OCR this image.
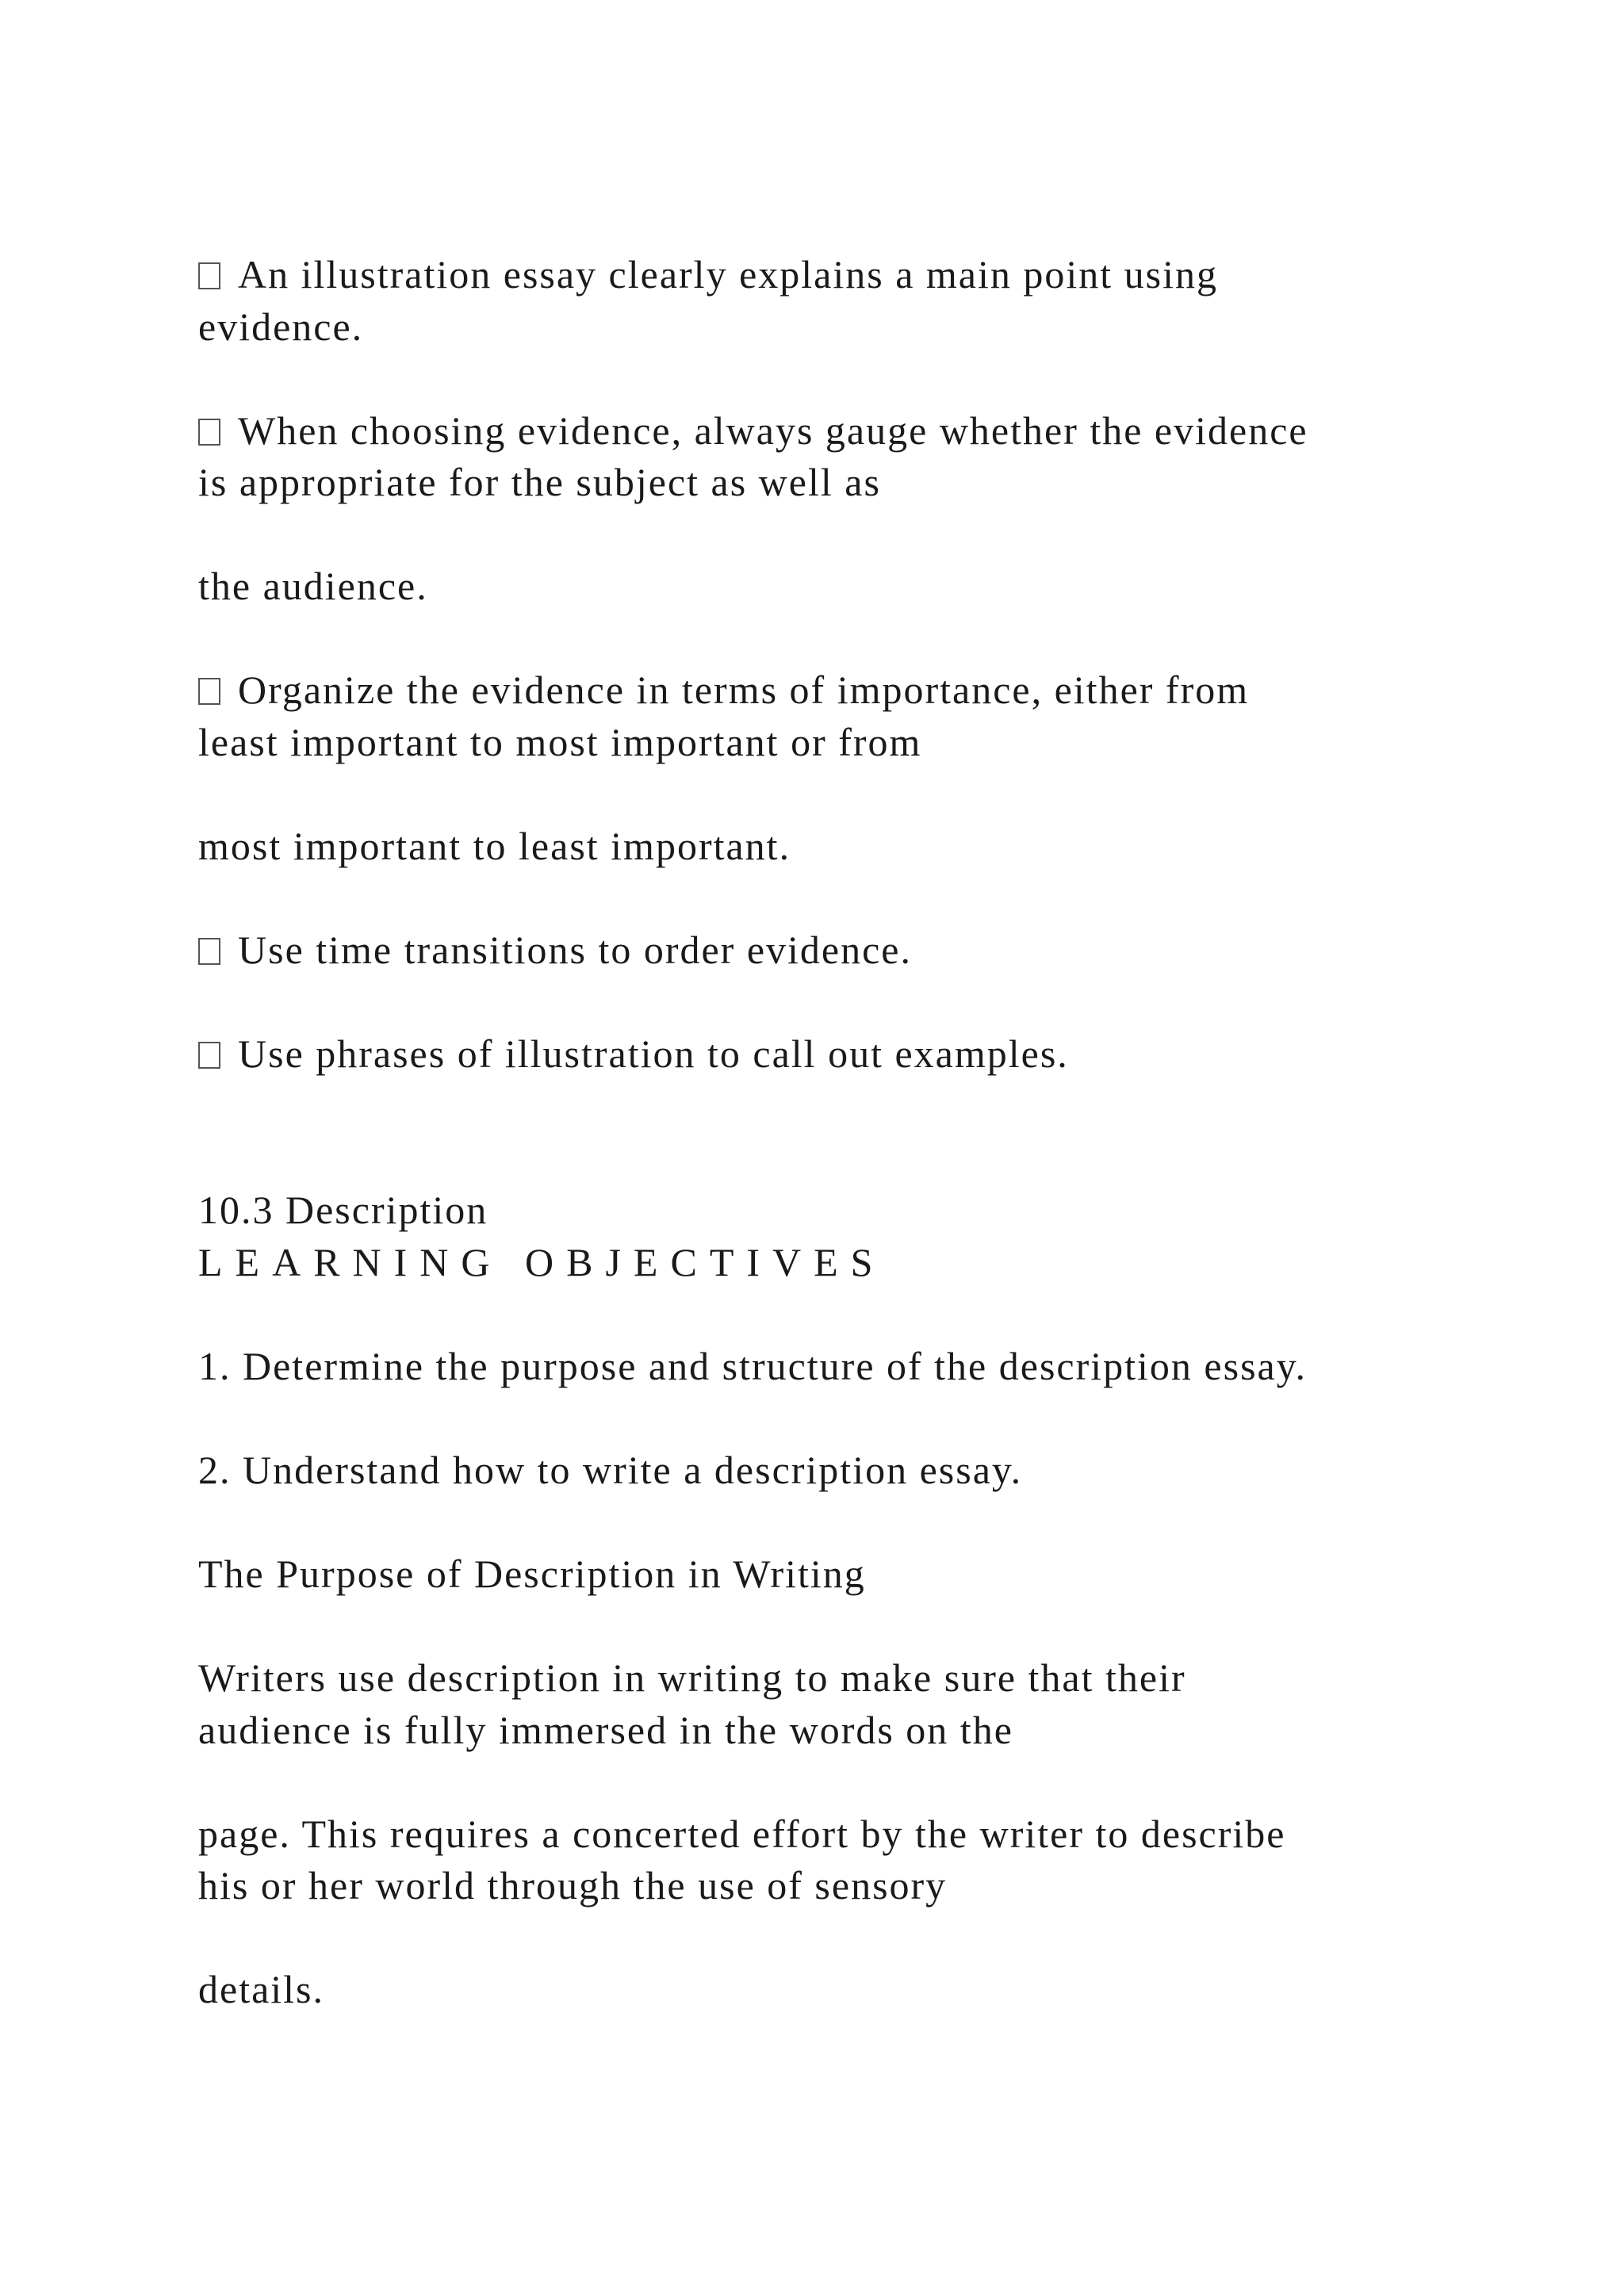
An illustration essay clearly explains a main point using
evidence.
When choosing evidence, always gauge whether the evidence
is appropriate for the subject as well as
the audience.
Organize the evidence in terms of importance, either from
least important to most important or from
most important to least important.
Use time transitions to order evidence.
Use phrases of illustration to call out examples.
10.3 Description
LEARNING OBJECTIVES
1. Determine the purpose and structure of the description essay.
2. Understand how to write a description essay.
The Purpose of Description in Writing
Writers use description in writing to make sure that their
audience is fully immersed in the words on the
page. This requires a concerted effort by the writer to describe
his or her world through the use of sensory
details.
